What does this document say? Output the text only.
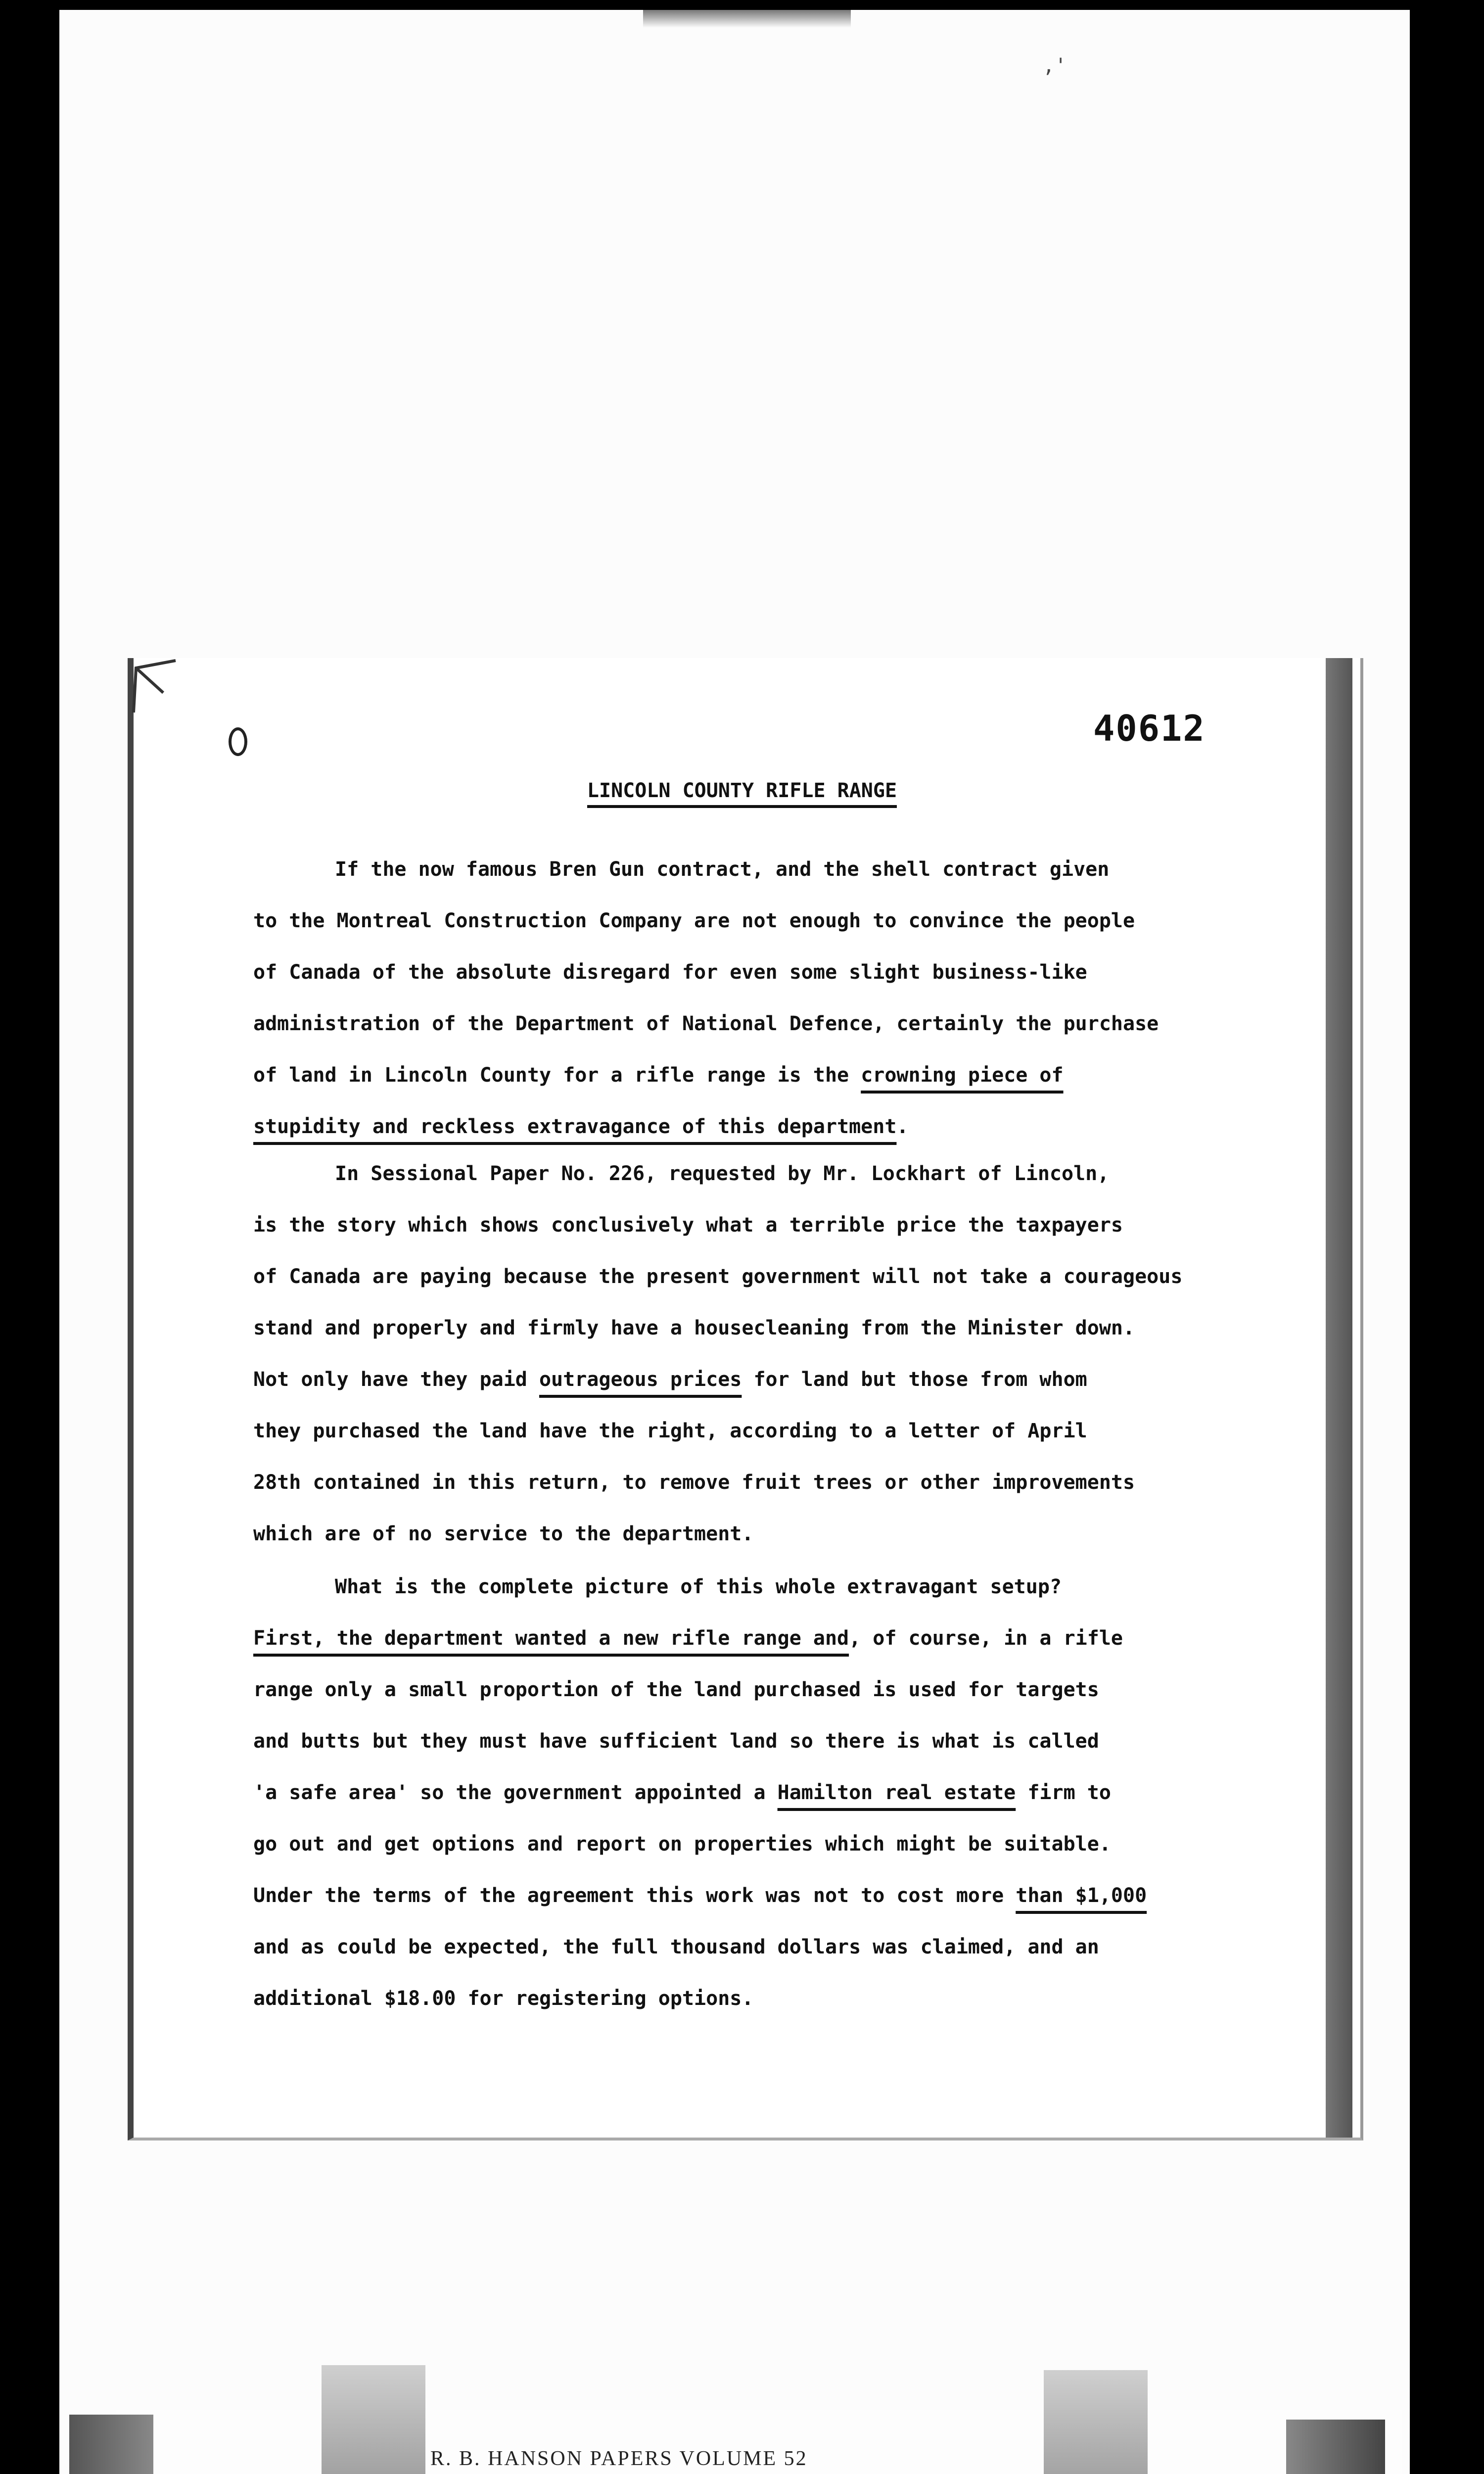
,'
40612
LINCOLN COUNTY RIFLE RANGE
If the now famous Bren Gun contract, and the shell contract given
to the Montreal Construction Company are not enough to convince the people
of Canada of the absolute disregard for even some slight business-like
administration of the Department of National Defence, certainly the purchase
of land in Lincoln County for a rifle range is the crowning piece of
stupidity and reckless extravagance of this department.
In Sessional Paper No. 226, requested by Mr. Lockhart of Lincoln,
is the story which shows conclusively what a terrible price the taxpayers
of Canada are paying because the present government will not take a courageous
stand and properly and firmly have a housecleaning from the Minister down.
Not only have they paid outrageous prices for land but those from whom
they purchased the land have the right, according to a letter of April
28th contained in this return, to remove fruit trees or other improvements
which are of no service to the department.
What is the complete picture of this whole extravagant setup?
First, the department wanted a new rifle range and, of course, in a rifle
range only a small proportion of the land purchased is used for targets
and butts but they must have sufficient land so there is what is called
'a safe area' so the government appointed a Hamilton real estate firm to
go out and get options and report on properties which might be suitable.
Under the terms of the agreement this work was not to cost more than $1,000
and as could be expected, the full thousand dollars was claimed, and an
additional $18.00 for registering options.
R. B. HANSON PAPERS VOLUME 52
